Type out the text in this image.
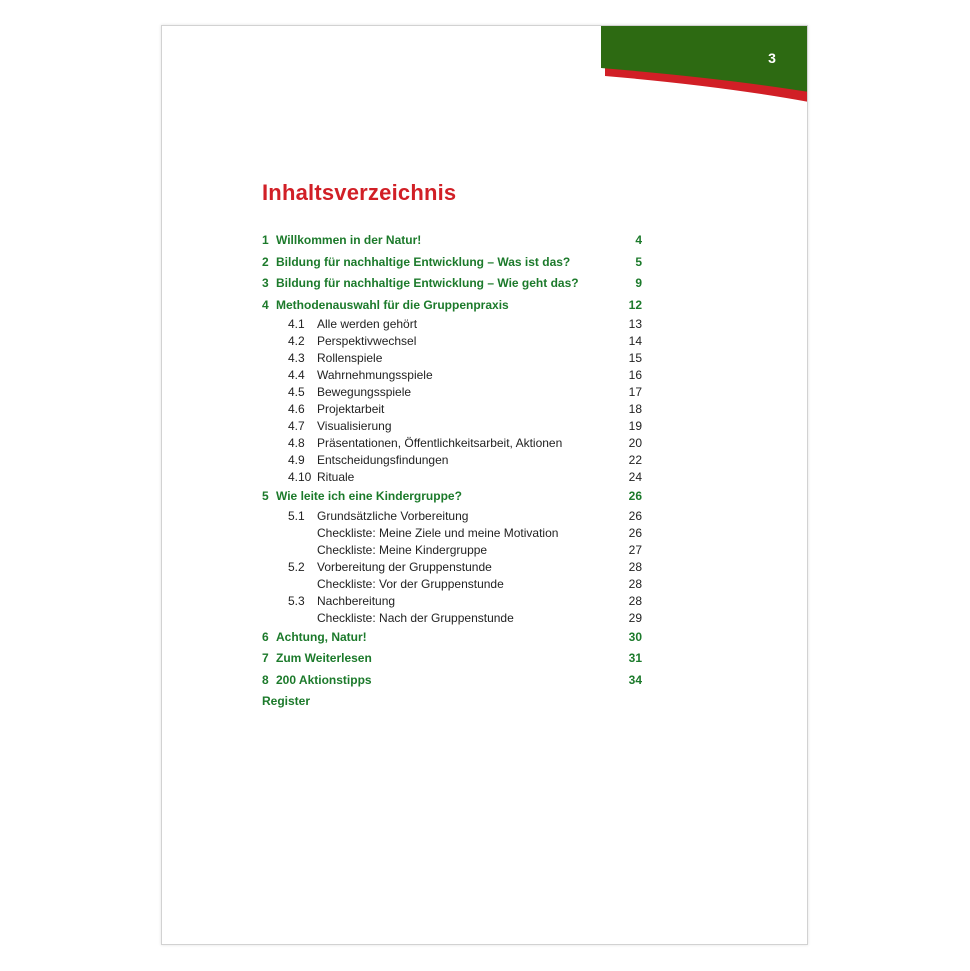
3
Inhaltsverzeichnis
1 Willkommen in der Natur!	4
2 Bildung für nachhaltige Entwicklung – Was ist das?	5
3 Bildung für nachhaltige Entwicklung – Wie geht das?	9
4 Methodenauswahl für die Gruppenpraxis	12
4.1 Alle werden gehört	13
4.2 Perspektivwechsel	14
4.3 Rollenspiele	15
4.4 Wahrnehmungsspiele	16
4.5 Bewegungsspiele	17
4.6 Projektarbeit	18
4.7 Visualisierung	19
4.8 Präsentationen, Öffentlichkeitsarbeit, Aktionen	20
4.9 Entscheidungsfindungen	22
4.10 Rituale	24
5 Wie leite ich eine Kindergruppe?	26
5.1 Grundsätzliche Vorbereitung	26
Checkliste: Meine Ziele und meine Motivation	26
Checkliste: Meine Kindergruppe	27
5.2 Vorbereitung der Gruppenstunde	28
Checkliste: Vor der Gruppenstunde	28
5.3 Nachbereitung	28
Checkliste: Nach der Gruppenstunde	29
6 Achtung, Natur!	30
7 Zum Weiterlesen	31
8 200 Aktionstipps	34
Register
